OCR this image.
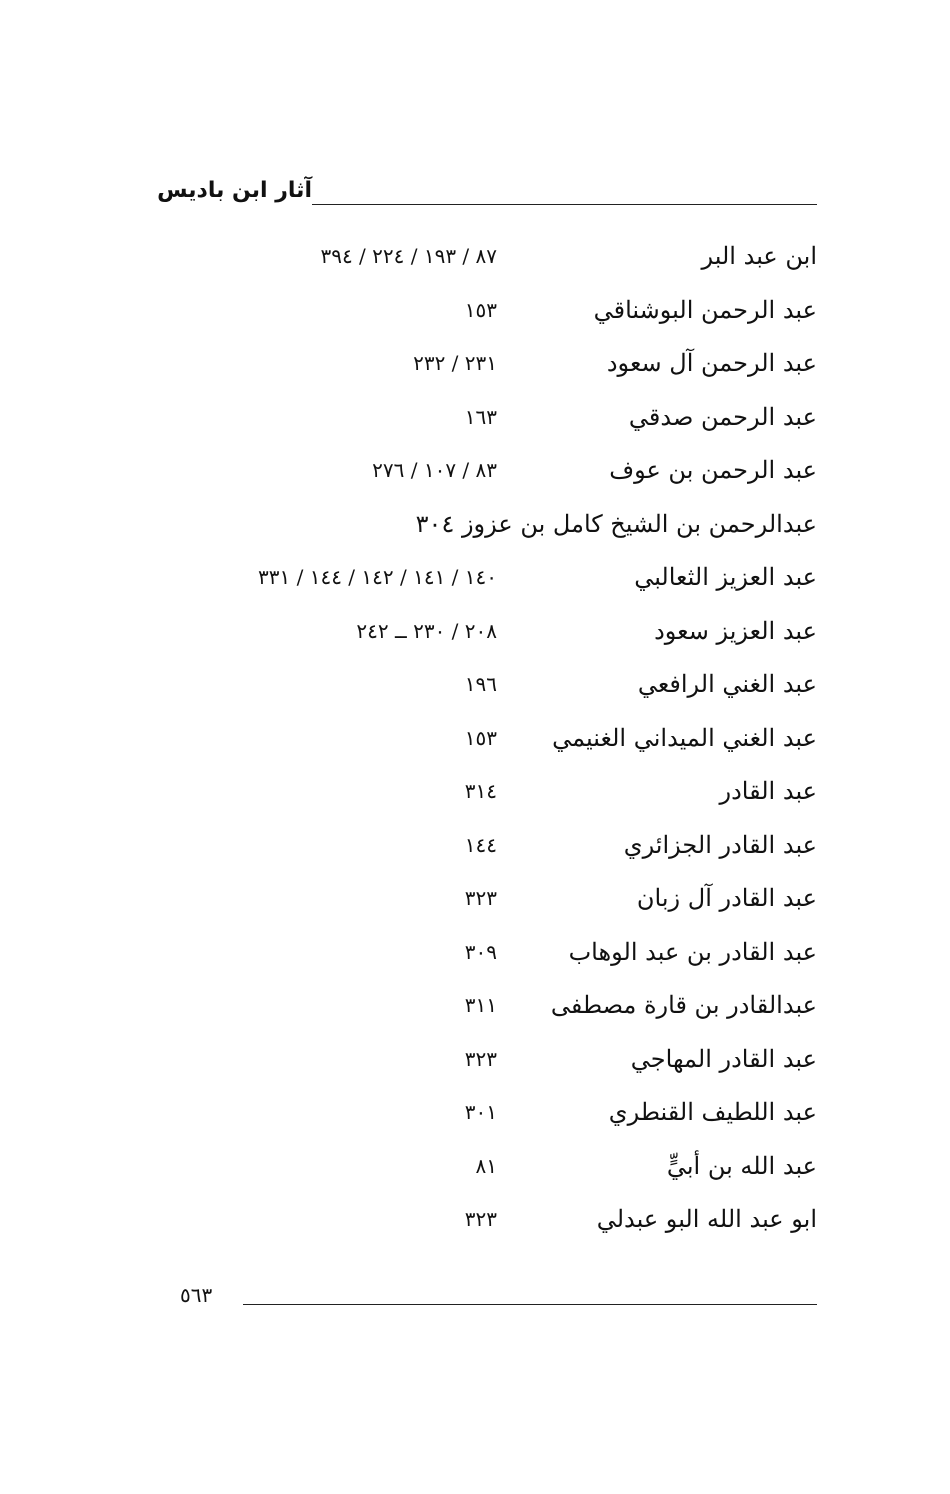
آثار ابن باديس
ابن عبد البر
٨٧ / ١٩٣ / ٢٢٤ / ٣٩٤
عبد الرحمن البوشناقي
١٥٣
عبد الرحمن آل سعود
٢٣١ / ٢٣٢
عبد الرحمن صدقي
١٦٣
عبد الرحمن بن عوف
٨٣ / ١٠٧ / ٢٧٦
عبدالرحمن بن الشيخ كامل بن عزوز ٣٠٤
عبد العزيز الثعالبي
١٤٠ / ١٤١ / ١٤٢ / ١٤٤ / ٣٣١
عبد العزيز سعود
٢٠٨ / ٢٣٠ ــ ٢٤٢
عبد الغني الرافعي
١٩٦
عبد الغني الميداني الغنيمي
١٥٣
عبد القادر
٣١٤
عبد القادر الجزائري
١٤٤
عبد القادر آل زبان
٣٢٣
عبد القادر بن عبد الوهاب
٣٠٩
عبدالقادر بن قارة مصطفى
٣١١
عبد القادر المهاجي
٣٢٣
عبد اللطيف القنطري
٣٠١
عبد الله بن أبيٍّ
٨١
ابو عبد الله البو عبدلي
٣٢٣
٥٦٣
